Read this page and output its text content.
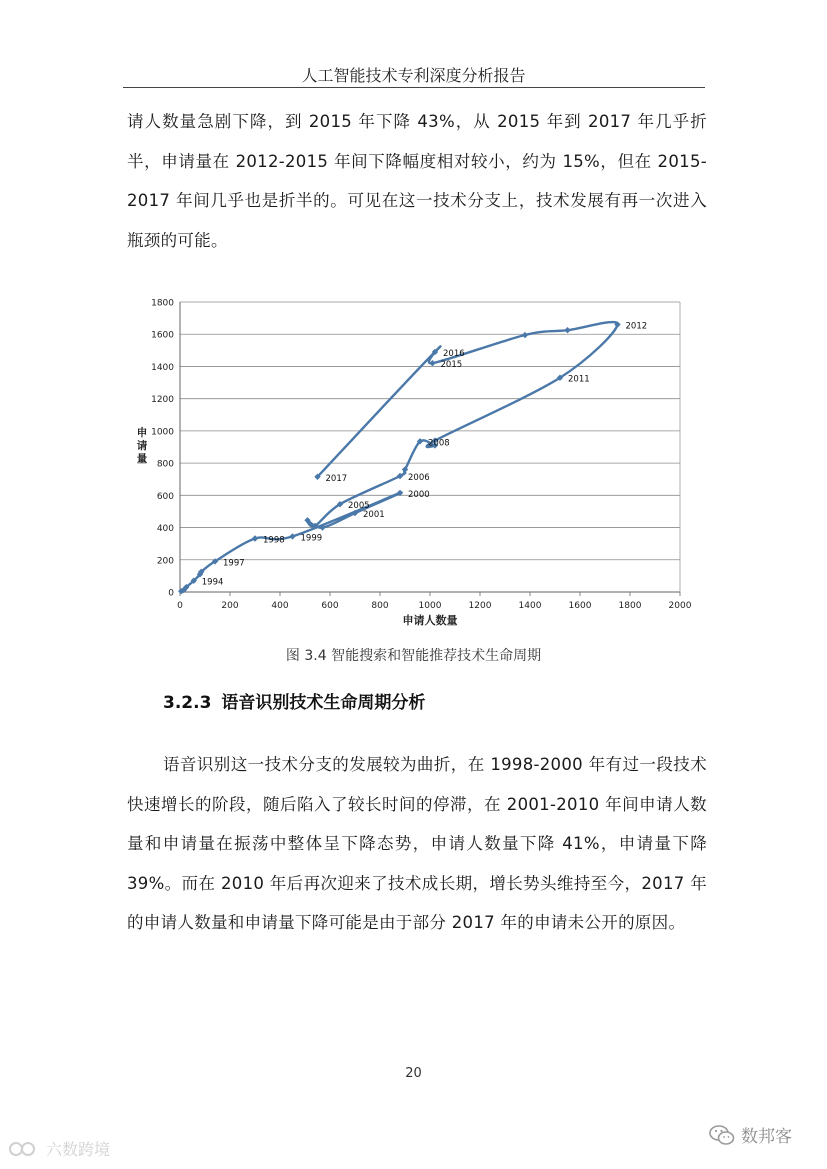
人工智能技术专利深度分析报告
请人数量急剧下降，到 2015 年下降 43%，从 2015 年到 2017 年几乎折半，申请量在 2012-2015 年间下降幅度相对较小，约为 15%，但在 2015-2017 年间几乎也是折半的。可见在这一技术分支上，技术发展有再一次进入瓶颈的可能。
0
200
400
600
800
1000
1200
1400
1600
1800
0	200	400	600	800	1000	1200	1400	1600	1800	2000
1994
1997
1998 1999
2000
2001
2005
2006
2008
2011
2012
2015
2016
2017
申请人数量
申
请
量
图 3.4 智能搜索和智能推荐技术生命周期
3.2.3 语音识别技术生命周期分析
语音识别这一技术分支的发展较为曲折，在 1998-2000 年有过一段技术快速增长的阶段，随后陷入了较长时间的停滞，在 2001-2010 年间申请人数量和申请量在振荡中整体呈下降态势，申请人数量下降 41%，申请量下降 39%。而在 2010 年后再次迎来了技术成长期，增长势头维持至今，2017 年的申请人数量和申请量下降可能是由于部分 2017 年的申请未公开的原因。
20
六数跨境
数邦客
